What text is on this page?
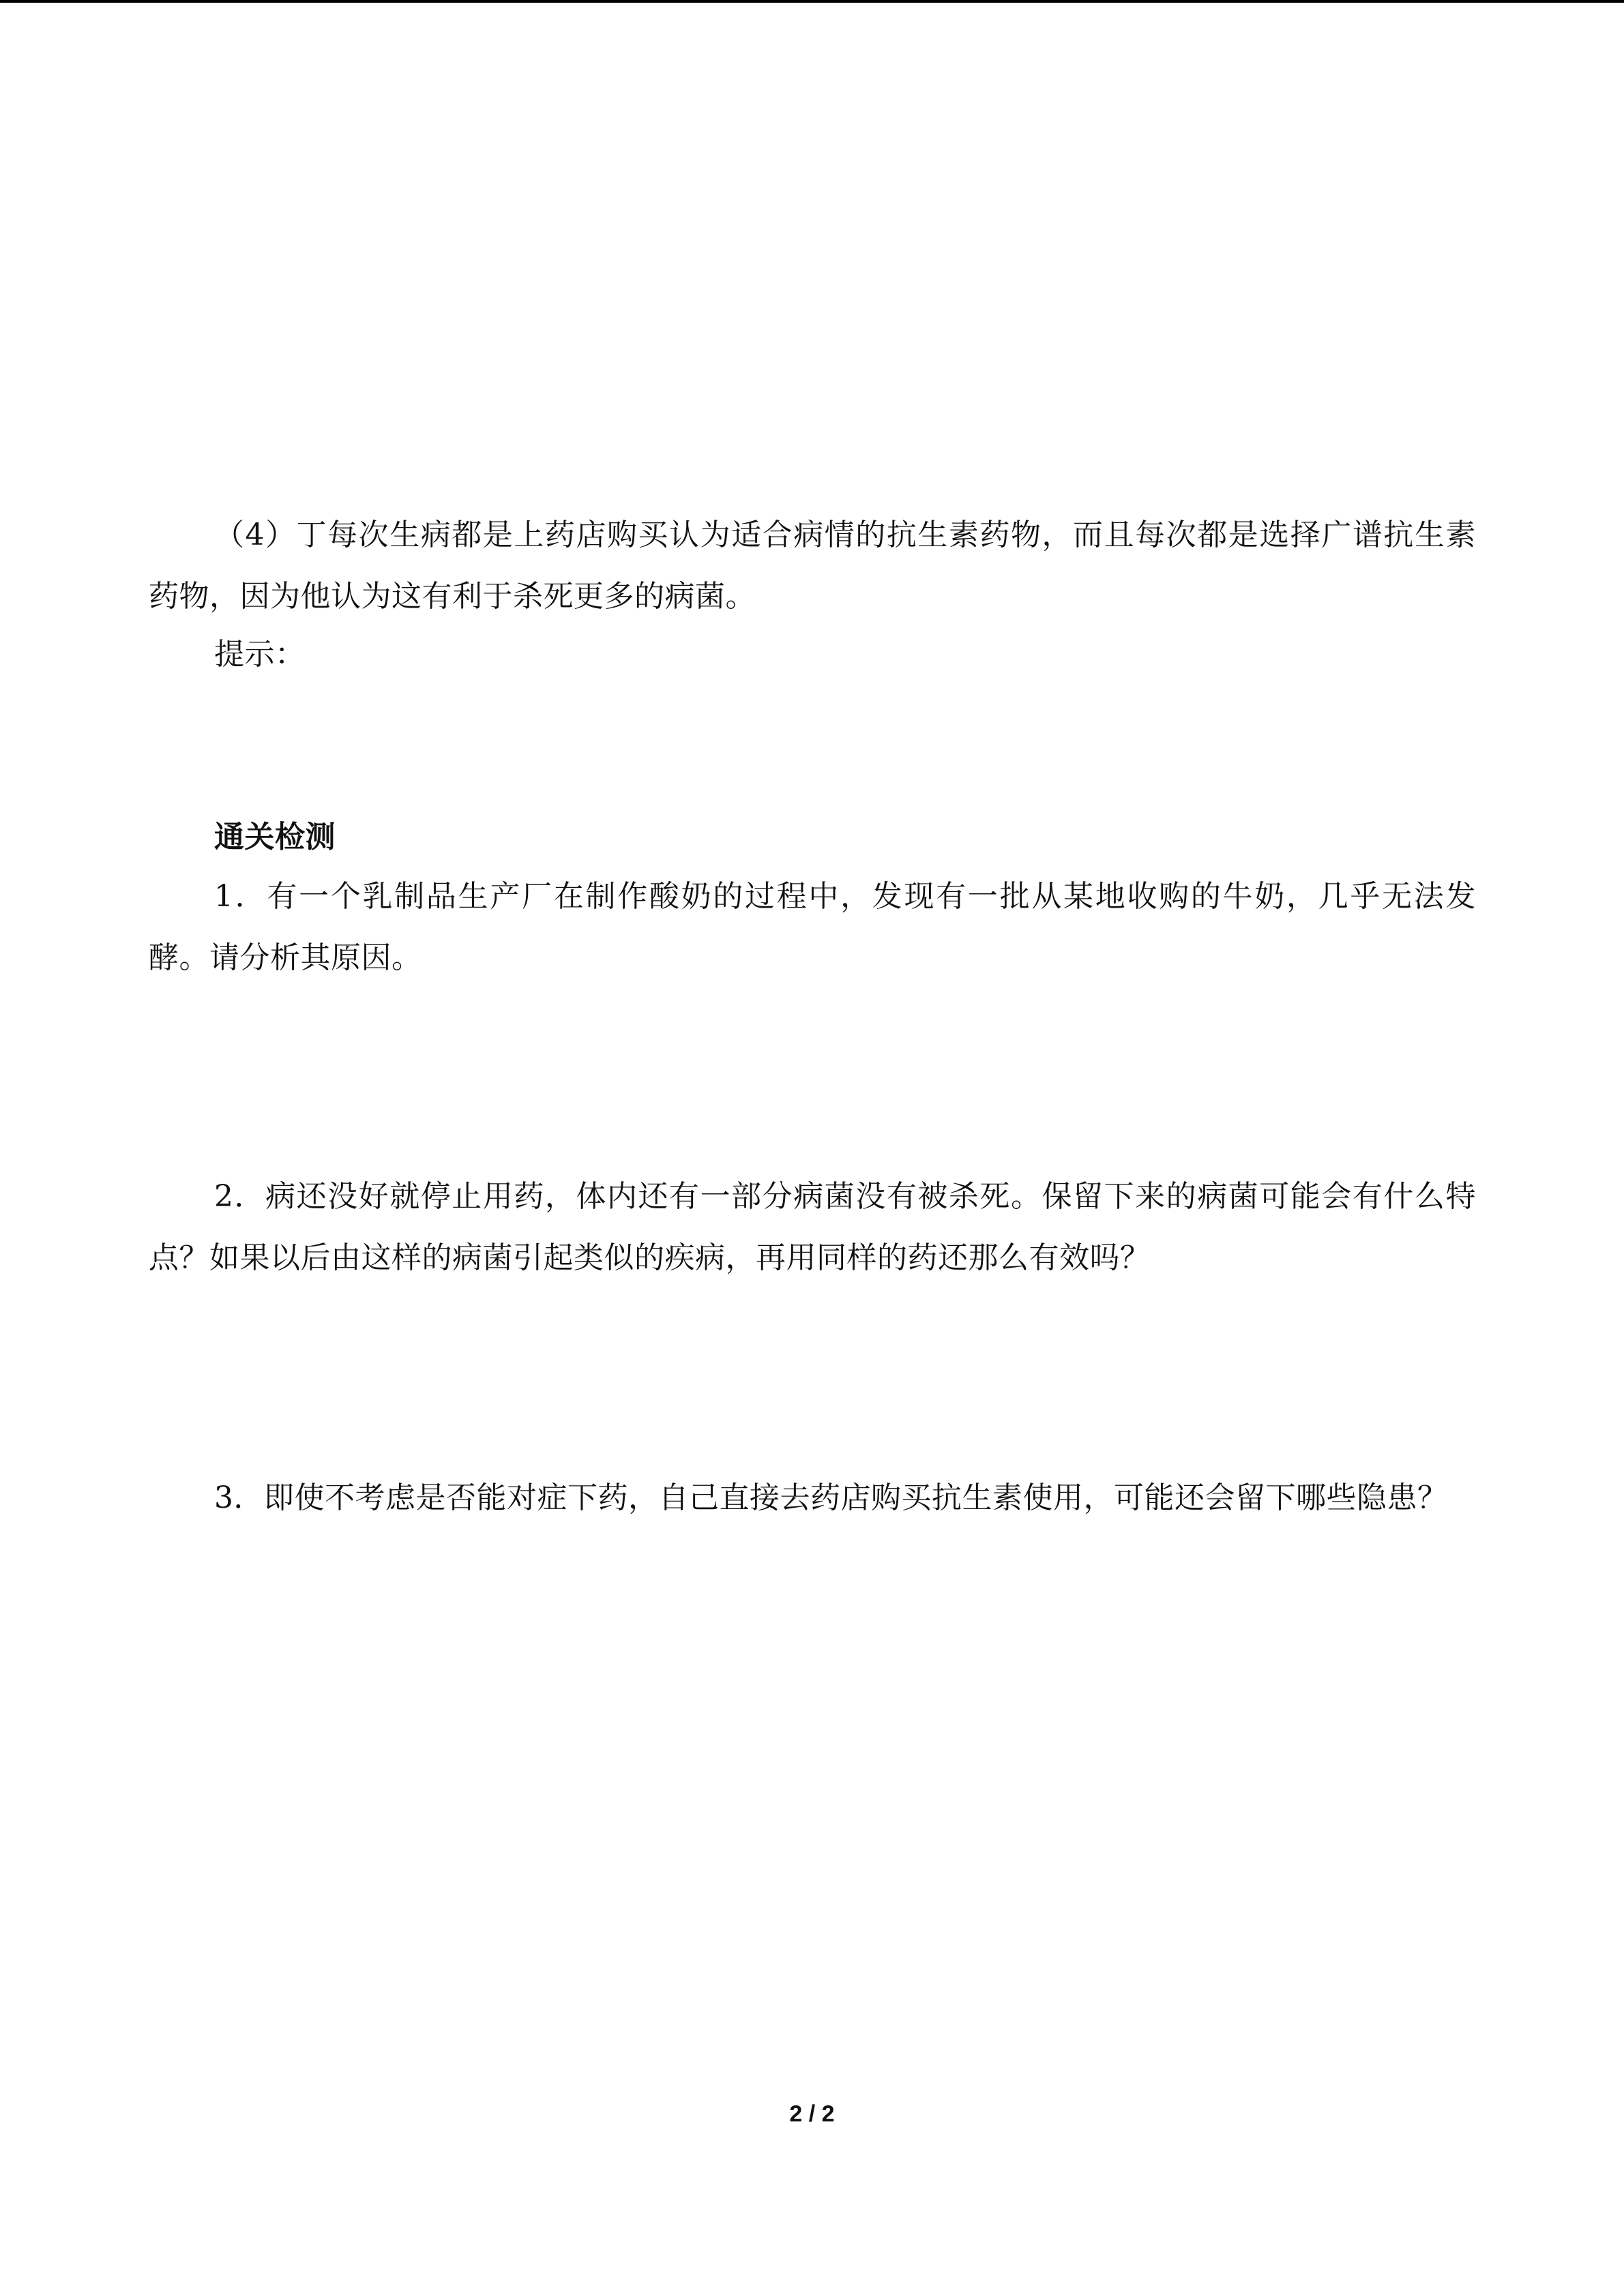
（4）丁每次生病都是上药店购买认为适合病情的抗生素药物，而且每次都是选择广谱抗生素药物，因为他认为这有利于杀死更多的病菌。

提示：

通关检测

1．有一个乳制品生产厂在制作酸奶的过程中，发现有一批从某地收购的牛奶，几乎无法发酵。请分析其原因。

2．病还没好就停止用药，体内还有一部分病菌没有被杀死。保留下来的病菌可能会有什么特点？如果以后由这样的病菌引起类似的疾病，再用同样的药还那么有效吗？

3．即使不考虑是否能对症下药，自己直接去药店购买抗生素使用，可能还会留下哪些隐患？

2 / 2
